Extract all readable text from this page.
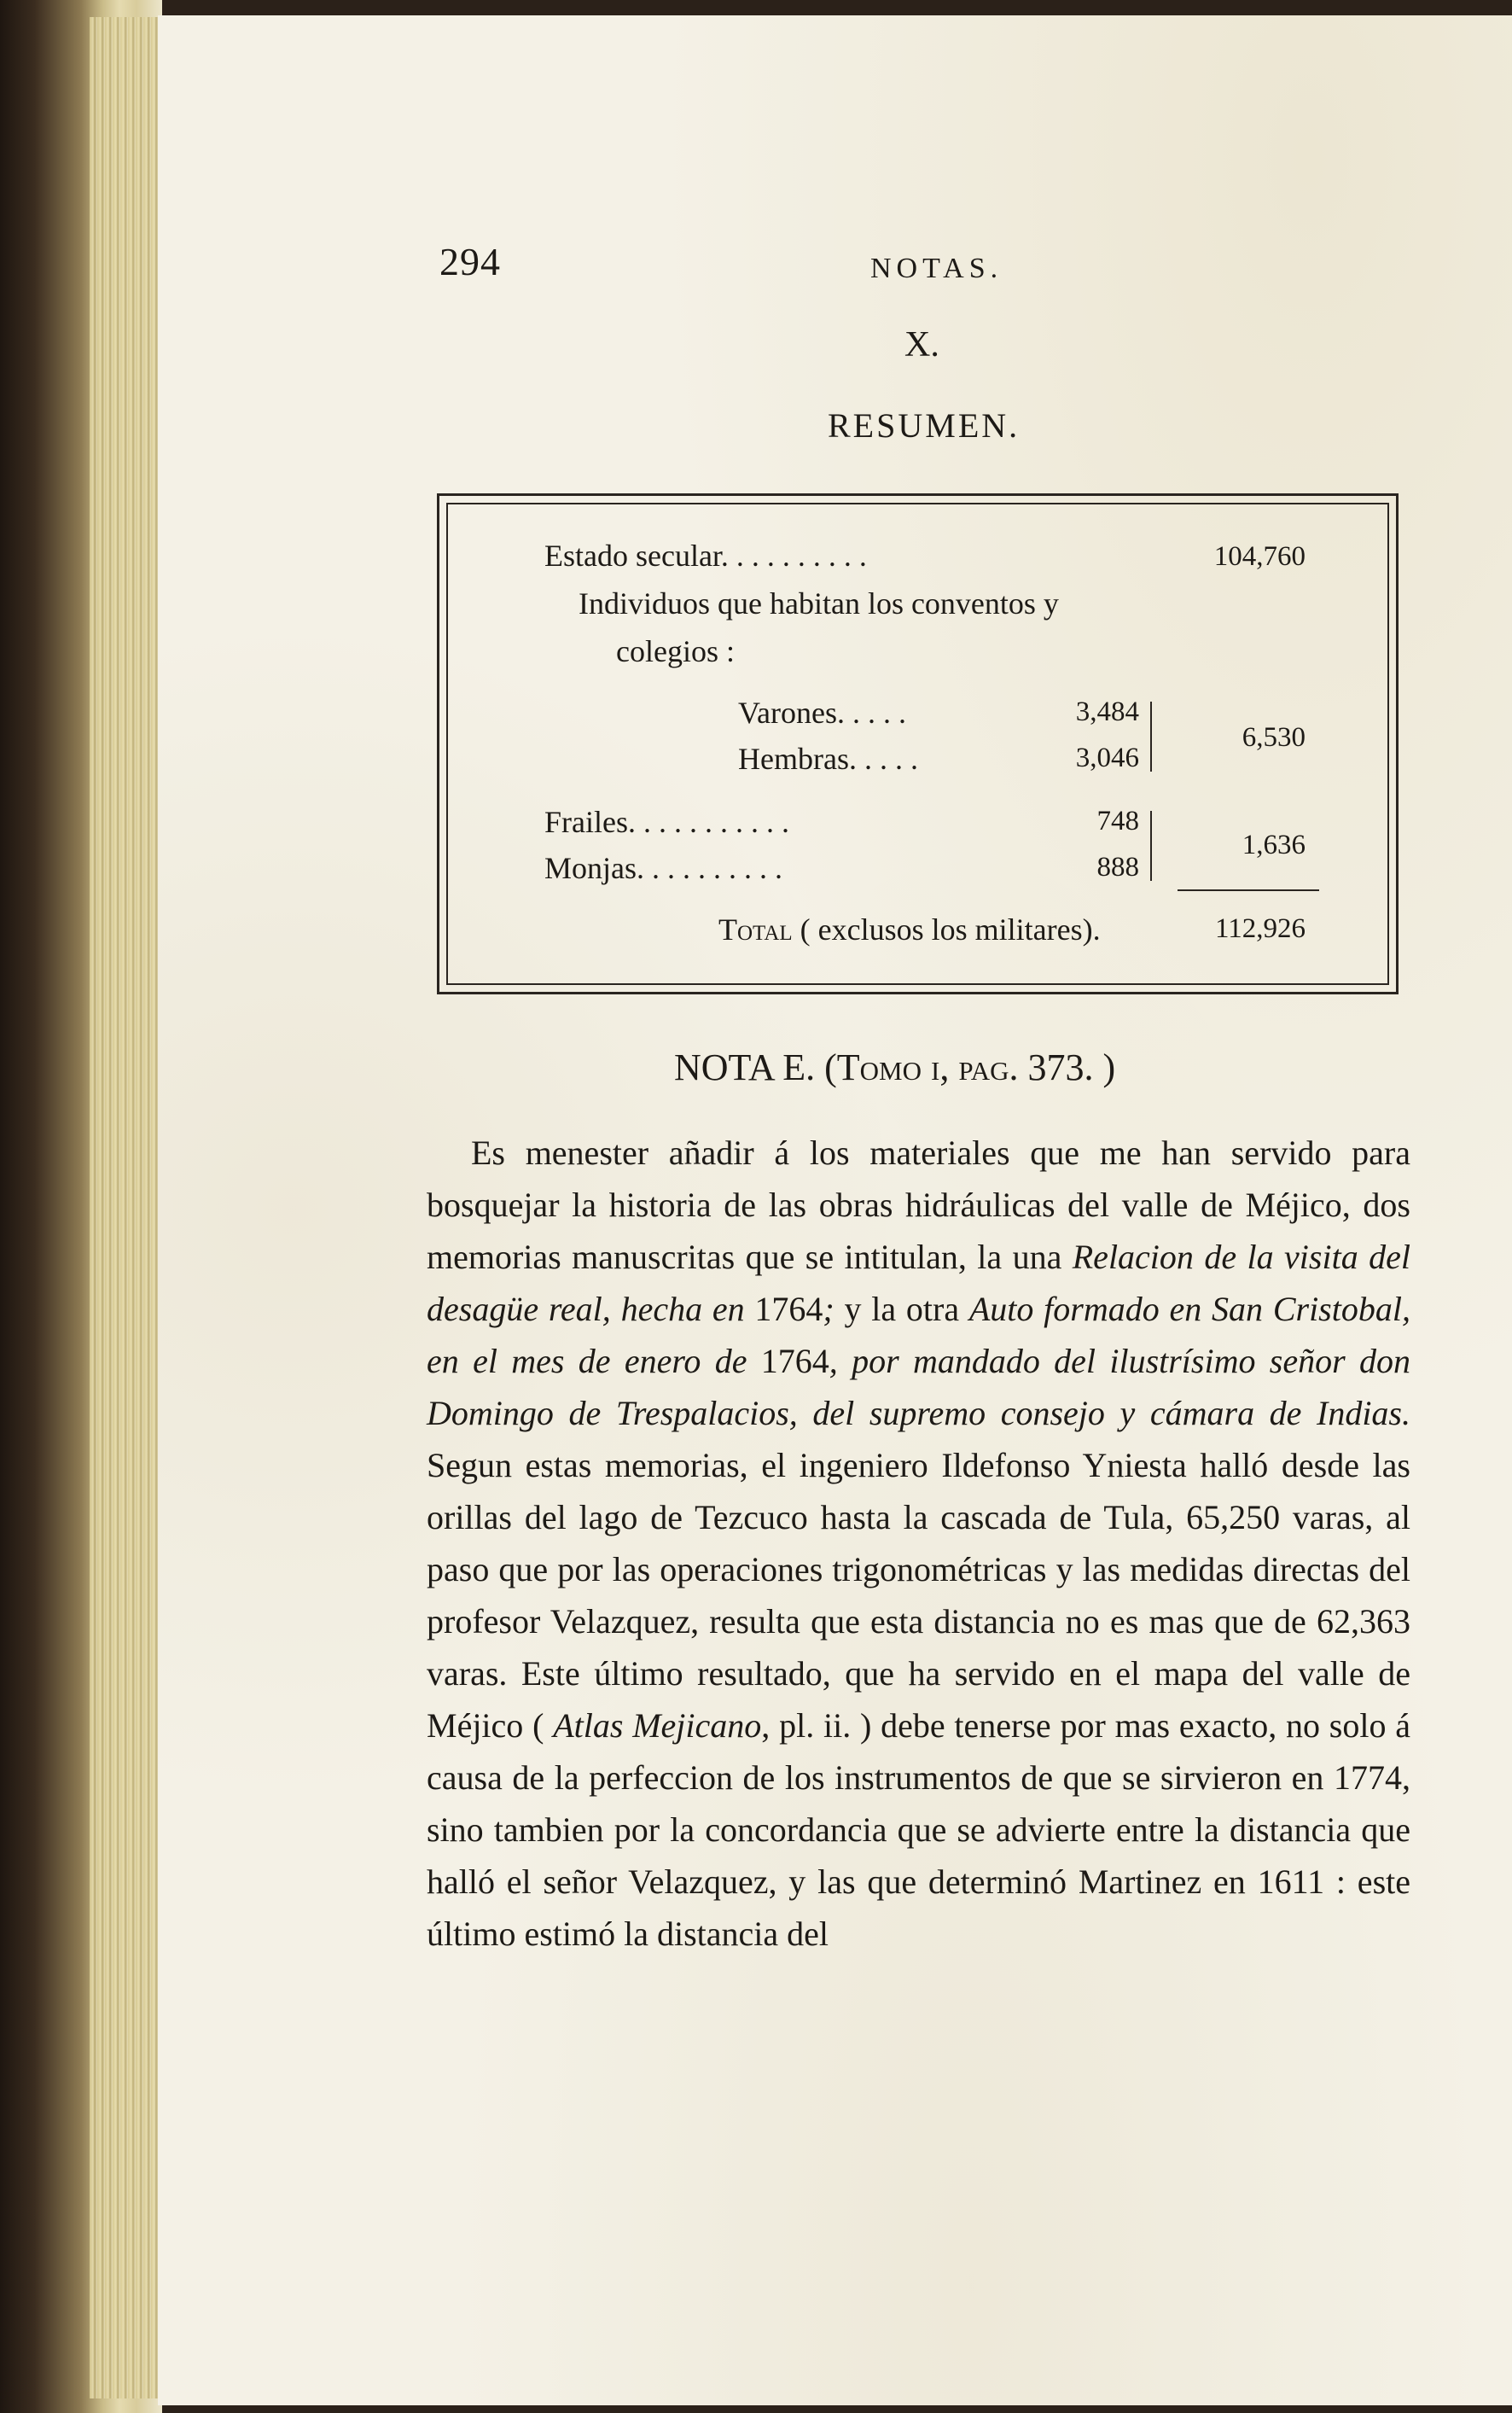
294	NOTAS.
X.
RESUMEN.
Estado secular. . . . . . . . . .	104,760
Individuos que habitan los conventos y
colegios :
Varones. . . . .	3,484
Hembras. . . . .	3,046
6,530
Frailes. . . . . . . . . . .	748
Monjas. . . . . . . . . .	888
1,636
Total ( exclusos los militares).	112,926
NOTA E. (Tomo i, pag. 373. )

Es menester añadir á los materiales que me han servido para bosquejar la historia de las obras hidráulicas del valle de Méjico, dos memorias manuscritas que se intitulan, la una Relacion de la visita del desagüe real, hecha en 1764; y la otra Auto formado en San Cristobal, en el mes de enero de 1764, por mandado del ilustrísimo señor don Domingo de Trespalacios, del supremo consejo y cámara de Indias. Segun estas memorias, el ingeniero Ildefonso Yniesta halló desde las orillas del lago de Tezcuco hasta la cascada de Tula, 65,250 varas, al paso que por las operaciones trigonométricas y las medidas directas del profesor Velazquez, resulta que esta distancia no es mas que de 62,363 varas. Este último resultado, que ha servido en el mapa del valle de Méjico ( Atlas Mejicano, pl. ii. ) debe tenerse por mas exacto, no solo á causa de la perfeccion de los instrumentos de que se sirvieron en 1774, sino tambien por la concordancia que se advierte entre la distancia que halló el señor Velazquez, y las que determinó Martinez en 1611 : este último estimó la distancia del
